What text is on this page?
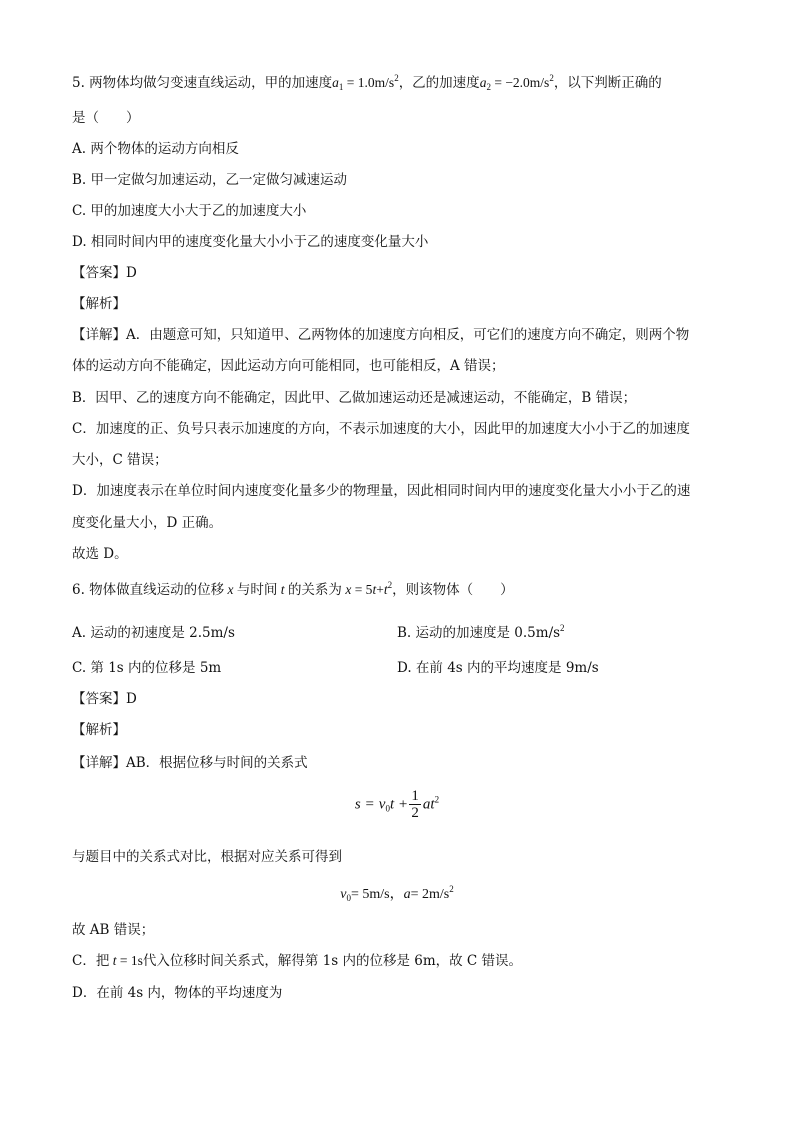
5. 两物体均做匀变速直线运动，甲的加速度$a_1 = 1.0m/s^2$，乙的加速度$a_2 = -2.0m/s^2$，以下判断正确的
是（　　）
A. 两个物体的运动方向相反
B. 甲一定做匀加速运动，乙一定做匀减速运动
C. 甲的加速度大小大于乙的加速度大小
D. 相同时间内甲的速度变化量大小小于乙的速度变化量大小
【答案】D
【解析】
【详解】A．由题意可知，只知道甲、乙两物体的加速度方向相反，可它们的速度方向不确定，则两个物
体的运动方向不能确定，因此运动方向可能相同，也可能相反，A 错误；
B．因甲、乙的速度方向不能确定，因此甲、乙做加速运动还是减速运动，不能确定，B 错误；
C．加速度的正、负号只表示加速度的方向，不表示加速度的大小，因此甲的加速度大小小于乙的加速度
大小，C 错误；
D．加速度表示在单位时间内速度变化量多少的物理量，因此相同时间内甲的速度变化量大小小于乙的速
度变化量大小，D 正确。
故选 D。
6. 物体做直线运动的位移 x 与时间 t 的关系为 $x = 5t+t^2$，则该物体（　　）
A. 运动的初速度是 2.5m/s	B. 运动的加速度是 $0.5m/s^2$
C. 第 1s 内的位移是 5m	D. 在前 4s 内的平均速度是 9m/s
【答案】D
【解析】
【详解】AB．根据位移与时间的关系式
$s = v_0t + \frac{1}{2} at^2$
与题目中的关系式对比，根据对应关系可得到
$v_0= 5m/s$，$a= 2m/s^2$
故 AB 错误；
C．把 t = 1s代入位移时间关系式，解得第 1s 内的位移是 6m，故 C 错误。
D．在前 4s 内，物体的平均速度为
